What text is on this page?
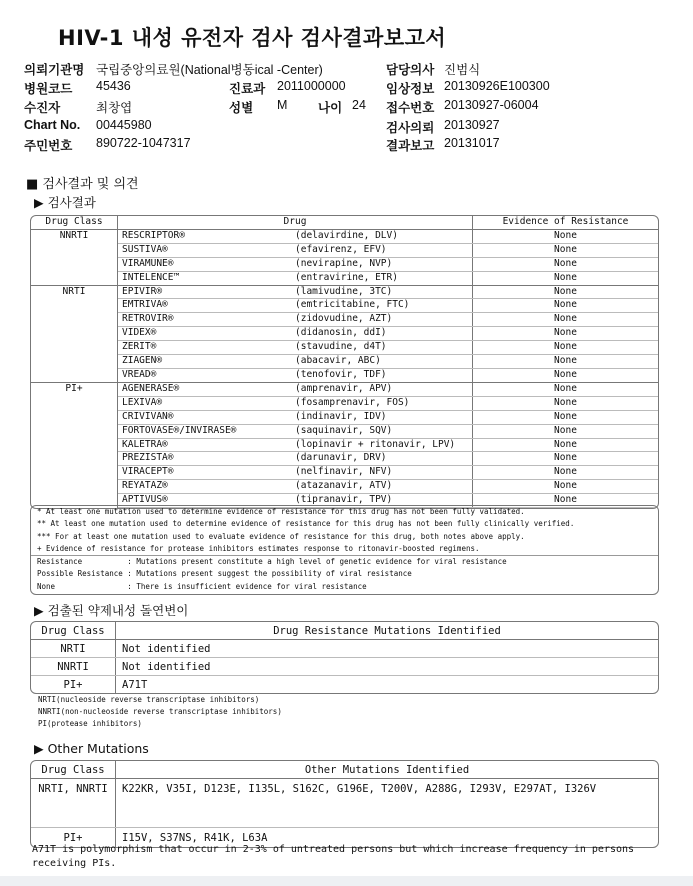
HIV-1 내성 유전자 검사 검사결과보고서
의뢰기관명 국립중앙의료원(National병동ical -Center)
병원코드 45436
수진자	최창엽
Chart No. 00445980
주민번호 890722-1047317
진료과 2011000000
성별 M 나이 24
담당의사 진범식
임상정보 20130926E100300
접수번호 20130927-06004
검사의뢰 20130927
결과보고 20131017
■ 검사결과 및 의견
▶ 검사결과
Drug Class	Drug		Evidence of Resistance
NNRTI	RESCRIPTOR®	(delavirdine, DLV)	None
	SUSTIVA®	(efavirenz, EFV)	None
	VIRAMUNE®	(nevirapine, NVP)	None
	INTELENCE™	(entravirine, ETR)	None
NRTI	EPIVIR®	(lamivudine, 3TC)	None
	EMTRIVA®	(emtricitabine, FTC)	None
	RETROVIR®	(zidovudine, AZT)	None
	VIDEX®	(didanosin, ddI)	None
	ZERIT®	(stavudine, d4T)	None
	ZIAGEN®	(abacavir, ABC)	None
	VREAD®	(tenofovir, TDF)	None
PI+	AGENERASE®	(amprenavir, APV)	None
	LEXIVA®	(fosamprenavir, FOS)	None
	CRIVIVAN®	(indinavir, IDV)	None
	FORTOVASE®/INVIRASE®	(saquinavir, SQV)	None
	KALETRA®	(lopinavir + ritonavir, LPV)	None
	PREZISTA®	(darunavir, DRV)	None
	VIRACEPT®	(nelfinavir, NFV)	None
	REYATAZ®	(atazanavir, ATV)	None
	APTIVUS®	(tipranavir, TPV)	None
* At least one mutation used to determine evidence of resistance for this drug has not been fully validated.
** At least one mutation used to determine evidence of resistance for this drug has not been fully clinically verified.
*** For at least one mutation used to evaluate evidence of resistance for this drug, both notes above apply.
+ Evidence of resistance for protease inhibitors estimates response to ritonavir-boosted regimens.
Resistance          : Mutations present constitute a high level of genetic evidence for viral resistance
Possible Resistance : Mutations present suggest the possibility of viral resistance
None                : There is insufficient evidence for viral resistance
▶ 검출된 약제내성 돌연변이
Drug Class	Drug Resistance Mutations Identified
NRTI	Not identified
NNRTI	Not identified
PI+	A71T
NRTI(nucleoside reverse transcriptase inhibitors)
NNRTI(non-nucleoside reverse transcriptase inhibitors)
PI(protease inhibitors)
▶ Other Mutations
Drug Class	Other Mutations Identified
NRTI, NNRTI	K22KR, V35I, D123E, I135L, S162C, G196E, T200V, A288G, I293V, E297AT, I326V
PI+	I15V, S37NS, R41K, L63A
A71T is polymorphism that occur in 2-3% of untreated persons but which increase frequency in persons receiving PIs.
